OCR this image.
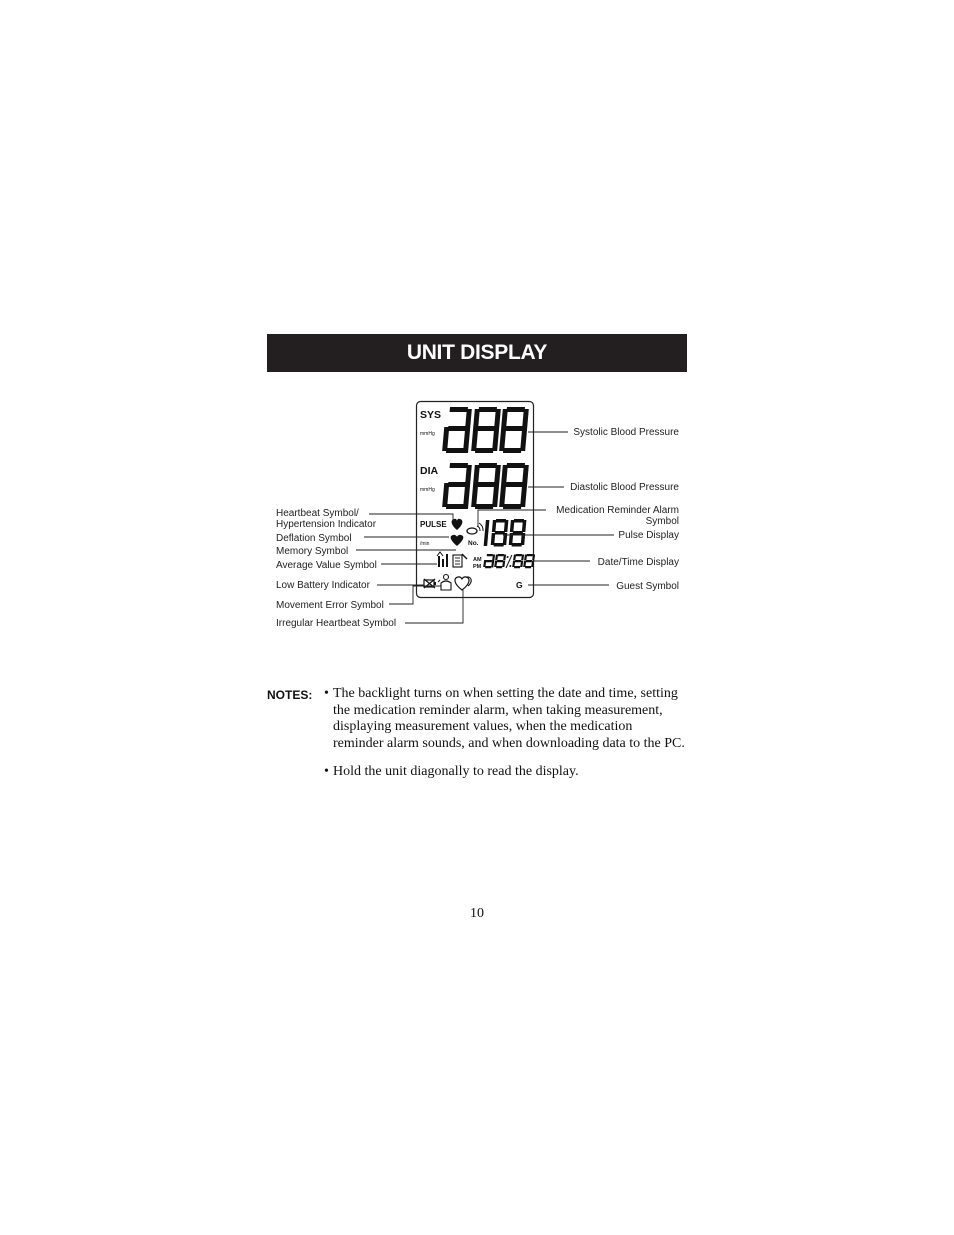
UNIT DISPLAY
SYS
mmHg
DIA
mmHg
PULSE
/min	No.
AM
PM
G
Systolic Blood Pressure
Diastolic Blood Pressure
Medication Reminder Alarm
Symbol
Pulse Display
Date/Time Display
Guest Symbol
Heartbeat Symbol/
Hypertension Indicator
Deflation Symbol
Memory Symbol
Average Value Symbol
Low Battery Indicator
Movement Error Symbol
Irregular Heartbeat Symbol
NOTES: • The backlight turns on when setting the date and time, setting the medication reminder alarm, when taking measurement, displaying measurement values, when the medication reminder alarm sounds, and when downloading data to the PC.
• Hold the unit diagonally to read the display.
10
